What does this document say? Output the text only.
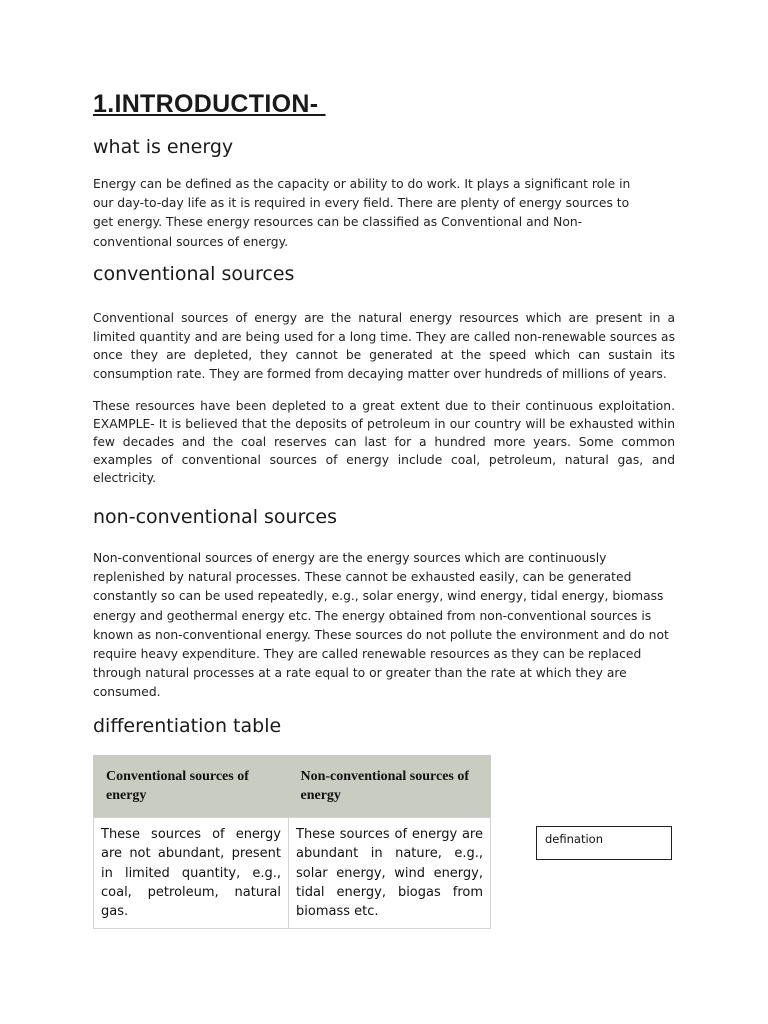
1.INTRODUCTION-
what is energy

Energy can be defined as the capacity or ability to do work. It plays a significant role in our day-to-day life as it is required in every field. There are plenty of energy sources to get energy. These energy resources can be classified as Conventional and Non-conventional sources of energy.

conventional sources

Conventional sources of energy are the natural energy resources which are present in a limited quantity and are being used for a long time. They are called non-renewable sources as once they are depleted, they cannot be generated at the speed which can sustain its consumption rate. They are formed from decaying matter over hundreds of millions of years.

These resources have been depleted to a great extent due to their continuous exploitation. EXAMPLE- It is believed that the deposits of petroleum in our country will be exhausted within few decades and the coal reserves can last for a hundred more years. Some common examples of conventional sources of energy include coal, petroleum, natural gas, and electricity.

non-conventional sources

Non-conventional sources of energy are the energy sources which are continuously replenished by natural processes. These cannot be exhausted easily, can be generated constantly so can be used repeatedly, e.g., solar energy, wind energy, tidal energy, biomass energy and geothermal energy etc. The energy obtained from non-conventional sources is known as non-conventional energy. These sources do not pollute the environment and do not require heavy expenditure. They are called renewable resources as they can be replaced through natural processes at a rate equal to or greater than the rate at which they are consumed.

differentiation table
Conventional sources of energy	Non-conventional sources of energy
These sources of energy are not abundant, present in limited quantity, e.g., coal, petroleum, natural gas.	These sources of energy are abundant in nature, e.g., solar energy, wind energy, tidal energy, biogas from biomass etc.
defination
